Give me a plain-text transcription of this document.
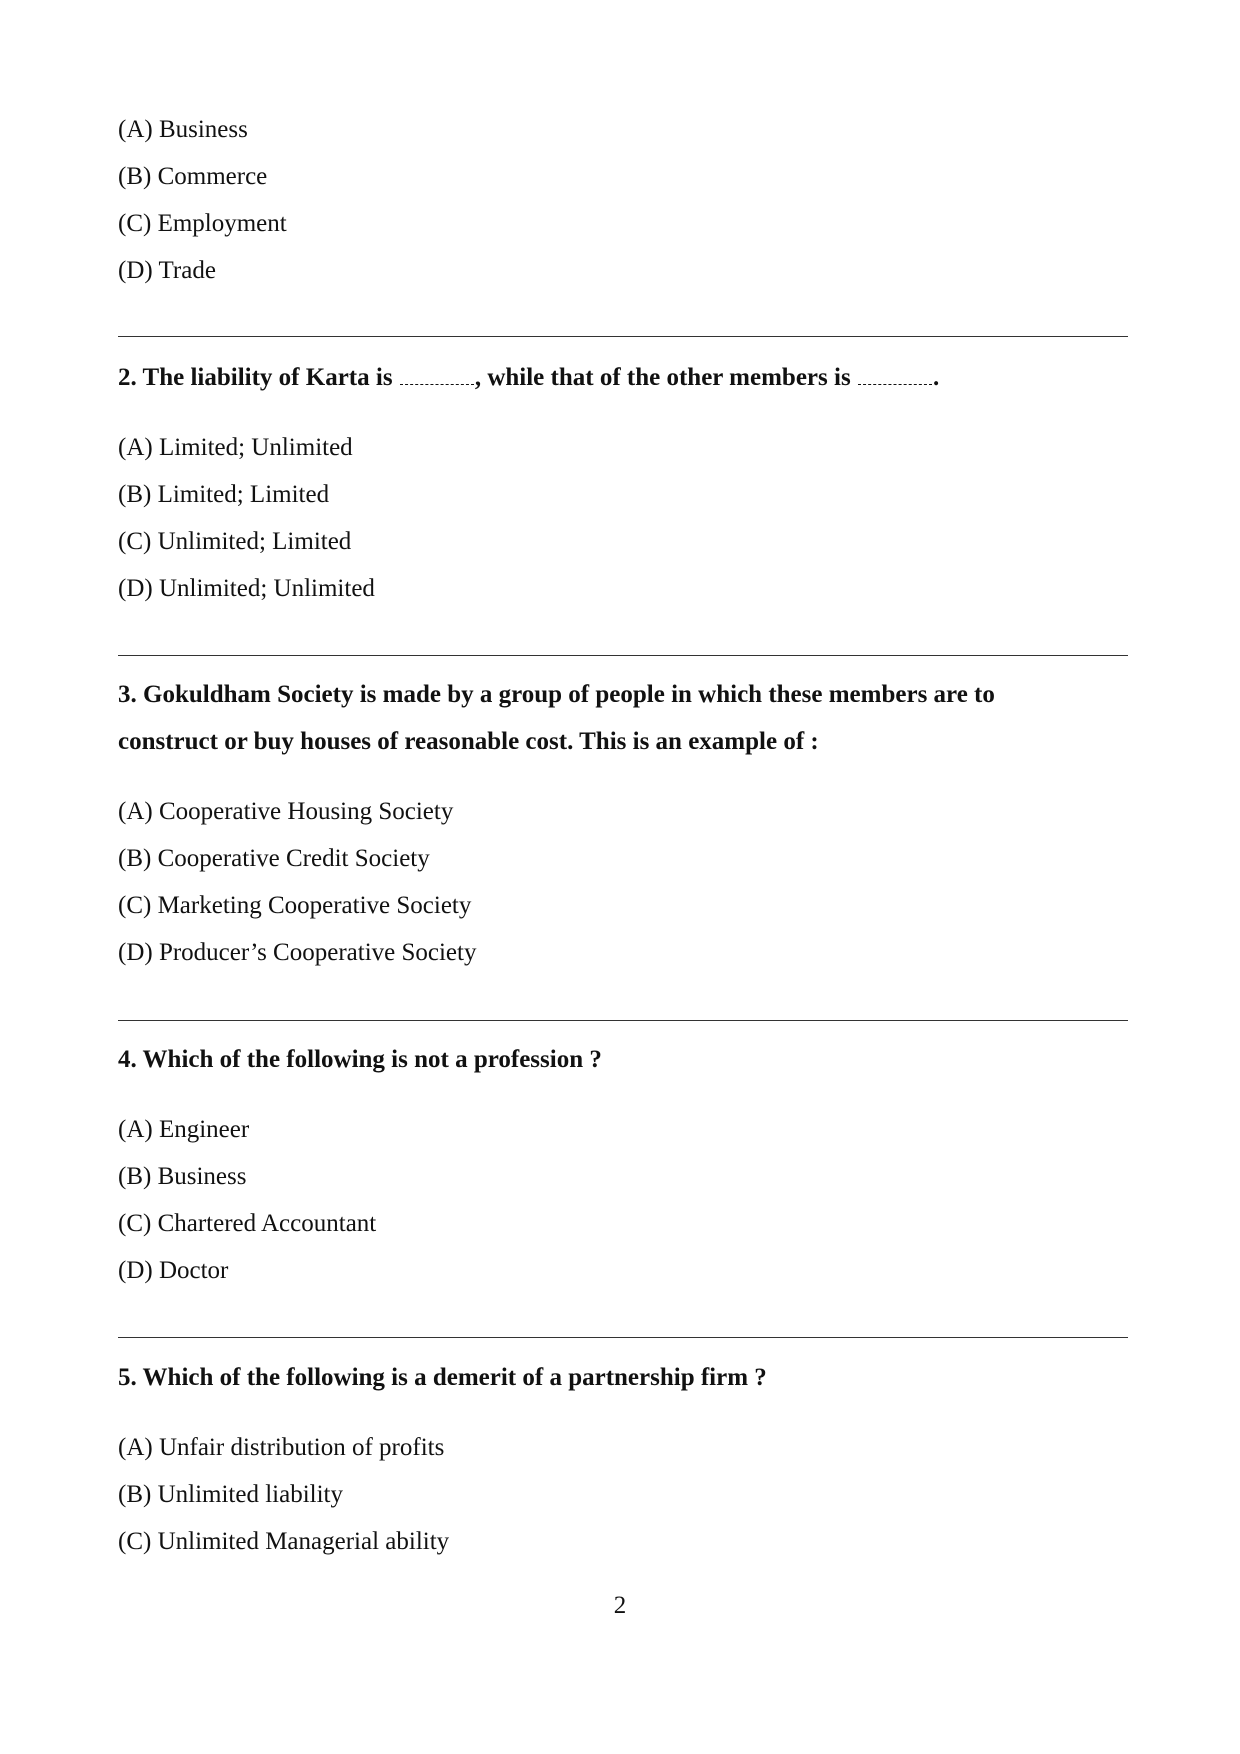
(A) Business
(B) Commerce
(C) Employment
(D) Trade
2. The liability of Karta is	, while that of the other members is	.
(A) Limited; Unlimited
(B) Limited; Limited
(C) Unlimited; Limited
(D) Unlimited; Unlimited
3. Gokuldham Society is made by a group of people in which these members are to
construct or buy houses of reasonable cost. This is an example of :
(A) Cooperative Housing Society
(B) Cooperative Credit Society
(C) Marketing Cooperative Society
(D) Producer’s Cooperative Society
4. Which of the following is not a profession ?
(A) Engineer
(B) Business
(C) Chartered Accountant
(D) Doctor
5. Which of the following is a demerit of a partnership firm ?
(A) Unfair distribution of profits
(B) Unlimited liability
(C) Unlimited Managerial ability
2
